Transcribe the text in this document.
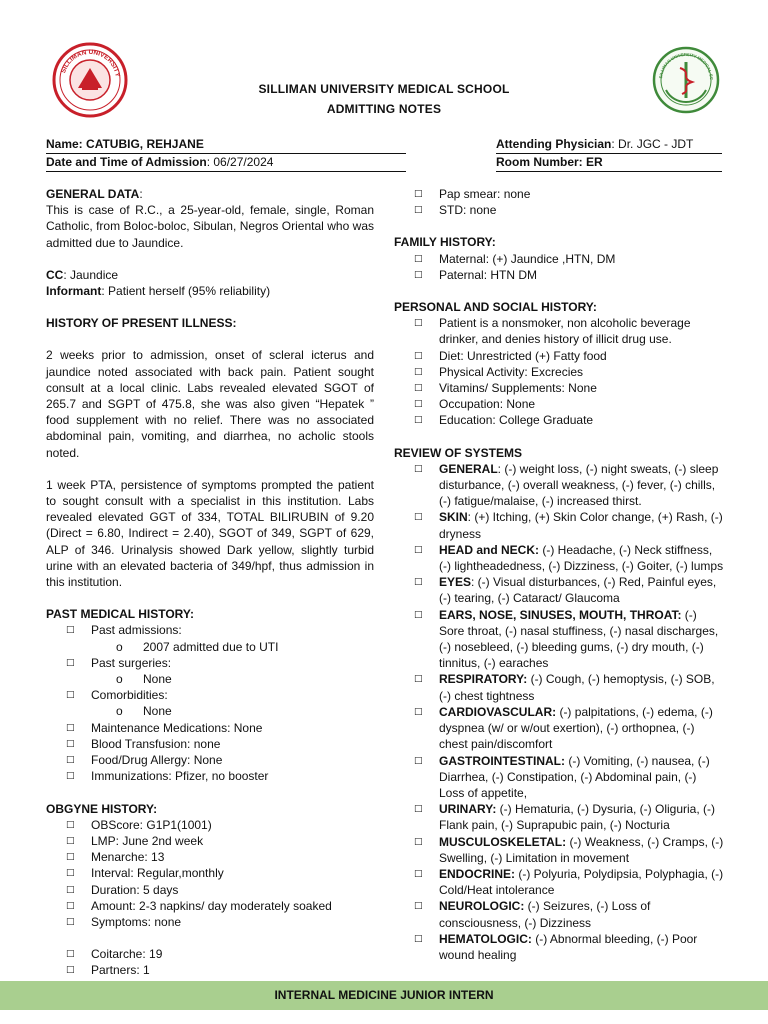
SILLIMAN UNIVERSITY	SILLIMAN UNIVERSITY MEDICAL SC
SILLIMAN UNIVERSITY MEDICAL SCHOOL
ADMITTING NOTES
Name: CATUBIG, REHJANE
Date and Time of Admission: 06/27/2024
Attending Physician: Dr. JGC - JDT
Room Number: ER

GENERAL DATA:

This is case of R.C., a 25-year-old, female, single, Roman Catholic, from Boloc-boloc, Sibulan, Negros Oriental who was admitted due to Jaundice.

CC: Jaundice

Informant: Patient herself (95% reliability)

HISTORY OF PRESENT ILLNESS:

2 weeks prior to admission, onset of scleral icterus and jaundice noted associated with back pain. Patient sought consult at a local clinic. Labs revealed elevated SGOT of 265.7 and SGPT of 475.8, she was also given “Hepatek ” food supplement with no relief. There was no associated abdominal pain, vomiting, and diarrhea, no acholic stools noted.

1 week PTA, persistence of symptoms prompted the patient to sought consult with a specialist in this institution. Labs revealed elevated GGT of 334, TOTAL BILIRUBIN of 9.20 (Direct = 6.80, Indirect = 2.40), SGOT of 349, SGPT of 629, ALP of 346. Urinalysis showed Dark yellow, slightly turbid urine with an elevated bacteria of 349/hpf, thus admission in this institution.

PAST MEDICAL HISTORY:

□ Past admissions:
o 2007 admitted due to UTI
□ Past surgeries:
o None
□ Comorbidities:
o None
□ Maintenance Medications: None
□ Blood Transfusion: none
□ Food/Drug Allergy: None
□ Immunizations: Pfizer, no booster

OBGYNE HISTORY:

□ OBScore: G1P1(1001)
□ LMP: June 2nd week
□ Menarche: 13
□ Interval: Regular,monthly
□ Duration: 5 days
□ Amount: 2-3 napkins/ day moderately soaked
□ Symptoms: none
□ Coitarche: 19
□ Partners: 1
□ Pap smear: none
□ STD: none

FAMILY HISTORY:

□ Maternal: (+) Jaundice ,HTN, DM
□ Paternal: HTN DM

PERSONAL AND SOCIAL HISTORY:

□ Patient is a nonsmoker, non alcoholic beverage drinker, and denies history of illicit drug use.
□ Diet: Unrestricted (+) Fatty food
□ Physical Activity: Excrecies
□ Vitamins/ Supplements: None
□ Occupation: None
□ Education: College Graduate

REVIEW OF SYSTEMS

□ GENERAL: (-) weight loss, (-) night sweats, (-) sleep disturbance, (-) overall weakness, (-) fever, (-) chills, (-) fatigue/malaise, (-) increased thirst.
□ SKIN: (+) Itching, (+) Skin Color change, (+) Rash, (-) dryness
□ HEAD and NECK: (-) Headache, (-) Neck stiffness, (-) lightheadedness, (-) Dizziness, (-) Goiter, (-) lumps
□ EYES: (-) Visual disturbances, (-) Red, Painful eyes, (-) tearing, (-) Cataract/ Glaucoma
□ EARS, NOSE, SINUSES, MOUTH, THROAT: (-) Sore throat, (-) nasal stuffiness, (-) nasal discharges, (-) nosebleed, (-) bleeding gums, (-) dry mouth, (-) tinnitus, (-) earaches
□ RESPIRATORY: (-) Cough, (-) hemoptysis, (-) SOB, (-) chest tightness
□ CARDIOVASCULAR: (-) palpitations, (-) edema, (-) dyspnea (w/ or w/out exertion), (-) orthopnea, (-) chest pain/discomfort
□ GASTROINTESTINAL: (-) Vomiting, (-) nausea, (-) Diarrhea, (-) Constipation, (-) Abdominal pain, (-) Loss of appetite,
□ URINARY: (-) Hematuria, (-) Dysuria, (-) Oliguria, (-) Flank pain, (-) Suprapubic pain, (-) Nocturia
□ MUSCULOSKELETAL: (-) Weakness, (-) Cramps, (-) Swelling, (-) Limitation in movement
□ ENDOCRINE: (-) Polyuria, Polydipsia, Polyphagia, (-) Cold/Heat intolerance
□ NEUROLOGIC: (-) Seizures, (-) Loss of consciousness, (-) Dizziness
□ HEMATOLOGIC: (-) Abnormal bleeding, (-) Poor wound healing
INTERNAL MEDICINE JUNIOR INTERN
